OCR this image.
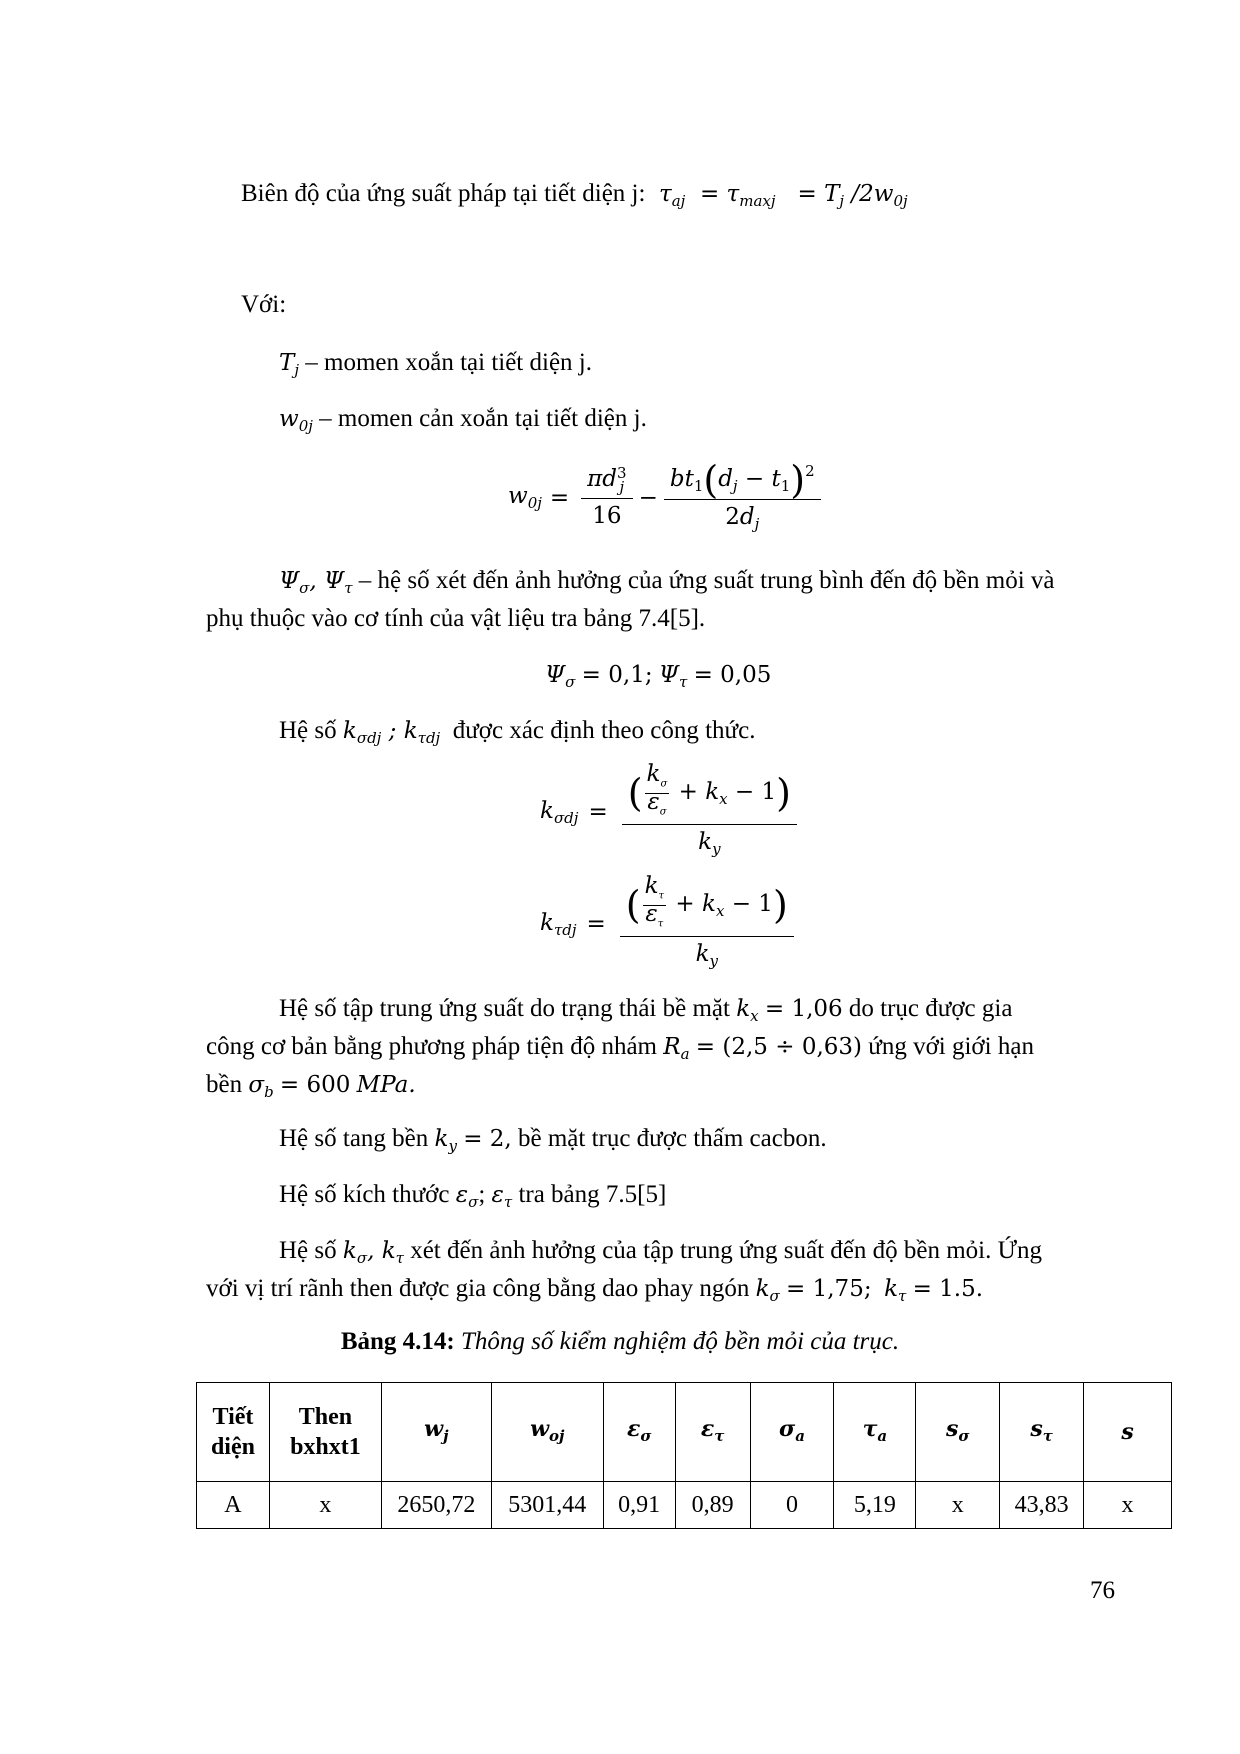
Biên độ của ứng suất pháp tại tiết diện j:  $\tau_{aj} = \tau_{maxj} = T_j$ $/2w_{0j}$
Với:
$T_j$ – momen xoắn tại tiết diện j.
$w_{0j}$ – momen cản xoắn tại tiết diện j.
$w_{0j} = \pi d$ 3
j
$16 - \frac{bt_1(d_j - t_1)^2}{2d_j}$
$\Psi_\sigma$, $\Psi_\tau$ – hệ số xét đến ảnh hưởng của ứng suất trung bình đến độ bền mỏi và
phụ thuộc vào cơ tính của vật liệu tra bảng 7.4[5].
$\Psi_\sigma = 0,1$; $\Psi_\tau = 0,05$
Hệ số $k_{\sigma dj}$ ; $k_{\tau dj}$ được xác định theo công thức.
$k_{\sigma dj} = \frac{( \frac{k_\sigma}{\varepsilon_\sigma} + k_x - 1)}{k_y}$
$k_{\tau dj} = \frac{( \frac{k_\tau}{\varepsilon_\tau} + k_x - 1)}{k_y}$
Hệ số tập trung ứng suất do trạng thái bề mặt $k_x = 1,06$ do trục được gia
công cơ bản bằng phương pháp tiện độ nhám $R_a = (2,5 \div 0,63)$ ứng với giới hạn
bền $\sigma_b = 600$ MPa.
Hệ số tang bền $k_y = 2$, bề mặt trục được thấm cacbon.
Hệ số kích thước $\varepsilon_\sigma$; $\varepsilon_\tau$ tra bảng 7.5[5]
Hệ số $k_\sigma$, $k_\tau$ xét đến ảnh hưởng của tập trung ứng suất đến độ bền mỏi. Ứng
với vị trí rãnh then được gia công bằng dao phay ngón $k_\sigma = 1,75$; $k_\tau = 1.5$.
Bảng 4.14: Thông số kiểm nghiệm độ bền mỏi của trục.
Tiết diện	Then bxhxt1	$w_j$	$w_{oj}$	$\varepsilon_\sigma$	$\varepsilon_\tau$	$\sigma_a$	$\tau_a$	$s_\sigma$	$s_\tau$	s
A	x	2650,72	5301,44	0,91	0,89	0	5,19	x	43,83	x
76
